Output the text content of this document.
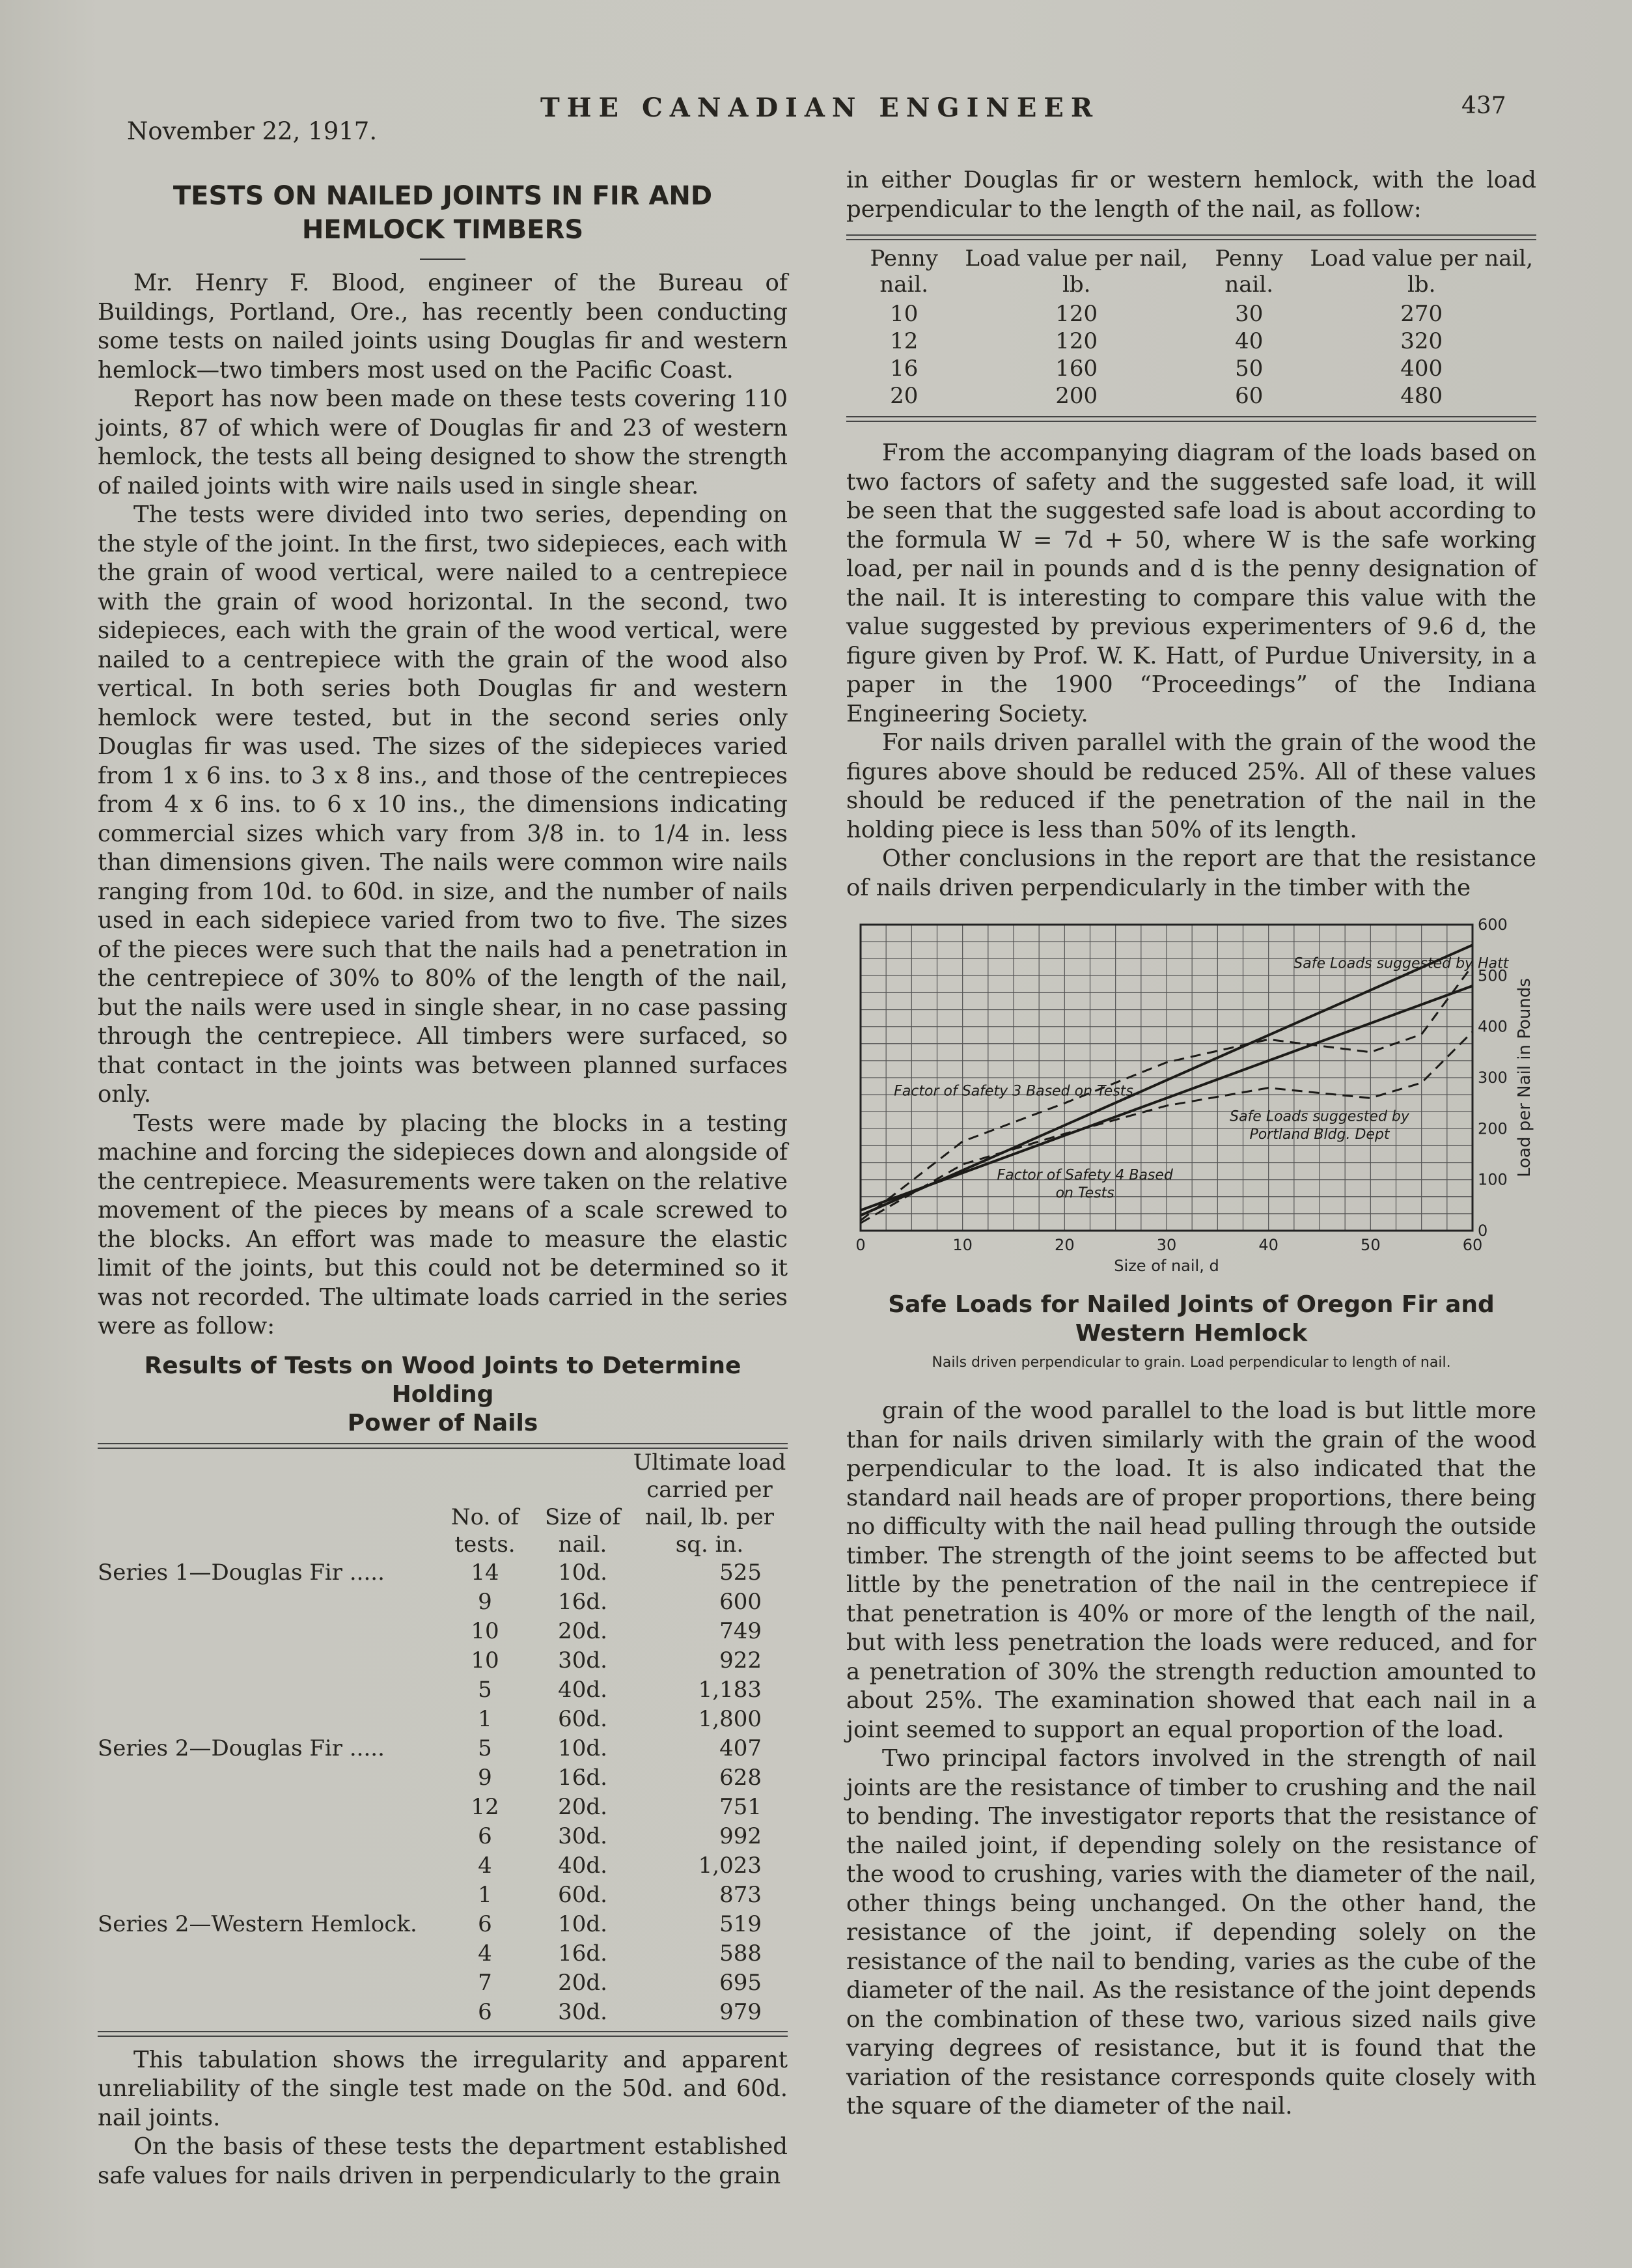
November 22, 1917.
THE CANADIAN ENGINEER	437
TESTS ON NAILED JOINTS IN FIR AND
HEMLOCK TIMBERS

Mr. Henry F. Blood, engineer of the Bureau of Buildings, Portland, Ore., has recently been conducting some tests on nailed joints using Douglas fir and western hemlock—two timbers most used on the Pacific Coast.

Report has now been made on these tests covering 110 joints, 87 of which were of Douglas fir and 23 of western hemlock, the tests all being designed to show the strength of nailed joints with wire nails used in single shear.

The tests were divided into two series, depending on the style of the joint. In the first, two sidepieces, each with the grain of wood vertical, were nailed to a centrepiece with the grain of wood horizontal. In the second, two sidepieces, each with the grain of the wood vertical, were nailed to a centrepiece with the grain of the wood also vertical. In both series both Douglas fir and western hemlock were tested, but in the second series only Douglas fir was used. The sizes of the sidepieces varied from 1 x 6 ins. to 3 x 8 ins., and those of the centrepieces from 4 x 6 ins. to 6 x 10 ins., the dimensions indicating commercial sizes which vary from 3/8 in. to 1/4 in. less than dimensions given. The nails were common wire nails ranging from 10d. to 60d. in size, and the number of nails used in each sidepiece varied from two to five. The sizes of the pieces were such that the nails had a penetration in the centrepiece of 30% to 80% of the length of the nail, but the nails were used in single shear, in no case passing through the centrepiece. All timbers were surfaced, so that contact in the joints was between planned surfaces only.

Tests were made by placing the blocks in a testing machine and forcing the sidepieces down and alongside of the centrepiece. Measurements were taken on the relative movement of the pieces by means of a scale screwed to the blocks. An effort was made to measure the elastic limit of the joints, but this could not be determined so it was not recorded. The ultimate loads carried in the series were as follow:

Results of Tests on Wood Joints to Determine Holding
Power of Nails
	No. of tests.	Size of nail.	Ultimate load carried per nail, lb. per sq. in.
Series 1—Douglas Fir .....	14	10d.	525
	9	16d.	600
	10	20d.	749
	10	30d.	922
	5	40d.	1,183
	1	60d.	1,800
Series 2—Douglas Fir .....	5	10d.	407
	9	16d.	628
	12	20d.	751
	6	30d.	992
	4	40d.	1,023
	1	60d.	873
Series 2—Western Hemlock.	6	10d.	519
	4	16d.	588
	7	20d.	695
	6	30d.	979

This tabulation shows the irregularity and apparent unreliability of the single test made on the 50d. and 60d. nail joints.

On the basis of these tests the department established safe values for nails driven in perpendicularly to the grain

in either Douglas fir or western hemlock, with the load perpendicular to the length of the nail, as follow:

Penny nail.	Load value per nail, lb.	Penny nail.	Load value per nail, lb.
10	120	30	270
12	120	40	320
16	160	50	400
20	200	60	480

From the accompanying diagram of the loads based on two factors of safety and the suggested safe load, it will be seen that the suggested safe load is about according to the formula W = 7d + 50, where W is the safe working load, per nail in pounds and d is the penny designation of the nail. It is interesting to compare this value with the value suggested by previous experimenters of 9.6 d, the figure given by Prof. W. K. Hatt, of Purdue University, in a paper in the 1900 “Proceedings” of the Indiana Engineering Society.

For nails driven parallel with the grain of the wood the figures above should be reduced 25%. All of these values should be reduced if the penetration of the nail in the holding piece is less than 50% of its length.

Other conclusions in the report are that the resistance of nails driven perpendicularly in the timber with the

0	10	20	30	40	50	60
0
100
200
300
400
500
600
Size of nail, d
Load per Nail in Pounds
Safe Loads suggested by Hatt
Factor of Safety 3 Based on Tests
Safe Loads suggested by
Portland Bldg. Dept
Factor of Safety 4 Based
on Tests
Safe Loads for Nailed Joints of Oregon Fir and Western Hemlock
Nails driven perpendicular to grain. Load perpendicular to length of nail.

grain of the wood parallel to the load is but little more than for nails driven similarly with the grain of the wood perpendicular to the load. It is also indicated that the standard nail heads are of proper proportions, there being no difficulty with the nail head pulling through the outside timber. The strength of the joint seems to be affected but little by the penetration of the nail in the centrepiece if that penetration is 40% or more of the length of the nail, but with less penetration the loads were reduced, and for a penetration of 30% the strength reduction amounted to about 25%. The examination showed that each nail in a joint seemed to support an equal proportion of the load.

Two principal factors involved in the strength of nail joints are the resistance of timber to crushing and the nail to bending. The investigator reports that the resistance of the nailed joint, if depending solely on the resistance of the wood to crushing, varies with the diameter of the nail, other things being unchanged. On the other hand, the resistance of the joint, if depending solely on the resistance of the nail to bending, varies as the cube of the diameter of the nail. As the resistance of the joint depends on the combination of these two, various sized nails give varying degrees of resistance, but it is found that the variation of the resistance corresponds quite closely with the square of the diameter of the nail.
